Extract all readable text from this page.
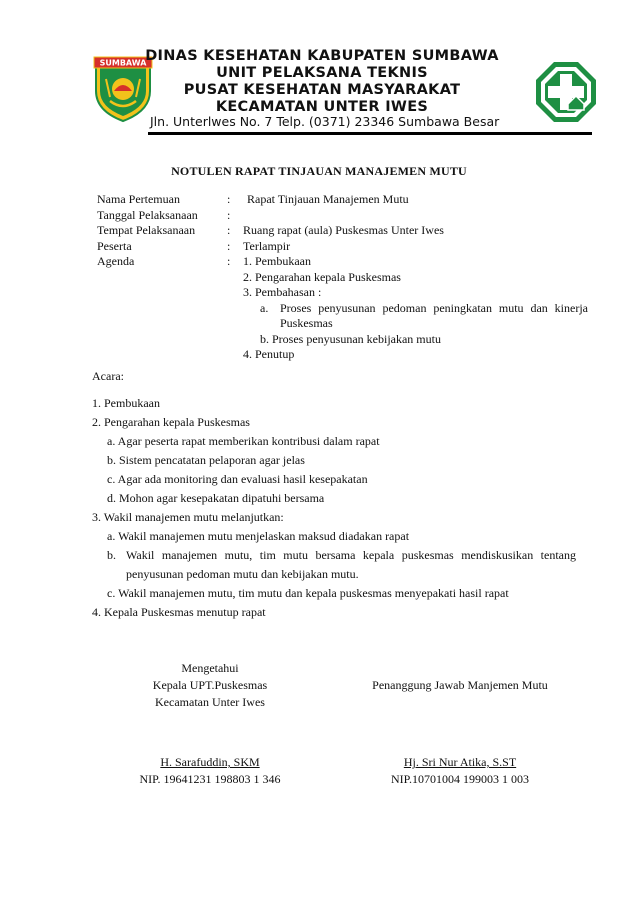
SUMBAWA
DINAS KESEHATAN KABUPATEN SUMBAWA
UNIT PELAKSANA TEKNIS
PUSAT KESEHATAN MASYARAKAT
KECAMATAN UNTER IWES
Jln. Unterlwes No. 7 Telp. (0371) 23346 Sumbawa Besar
NOTULEN RAPAT TINJAUAN MANAJEMEN MUTU
Nama Pertemuan	: Rapat Tinjauan Manajemen Mutu
Tanggal Pelaksanaan :
Tempat Pelaksanaan	: Ruang rapat (aula) Puskesmas Unter Iwes
Peserta	: Terlampir
Agenda	: 1. Pembukaan
2. Pengarahan kepala Puskesmas
3. Pembahasan :
a. Proses penyusunan pedoman peningkatan mutu dan kinerja
Puskesmas
b. Proses penyusunan kebijakan mutu
4. Penutup
Acara:
1. Pembukaan
2. Pengarahan kepala Puskesmas
a. Agar peserta rapat memberikan kontribusi dalam rapat
b. Sistem pencatatan pelaporan agar jelas
c. Agar ada monitoring dan evaluasi hasil kesepakatan
d. Mohon agar kesepakatan dipatuhi bersama
3. Wakil manajemen mutu melanjutkan:
a. Wakil manajemen mutu menjelaskan maksud diadakan rapat
b. Wakil manajemen mutu, tim mutu bersama kepala puskesmas mendiskusikan tentang
penyusunan pedoman mutu dan kebijakan mutu.
c. Wakil manajemen mutu, tim mutu dan kepala puskesmas menyepakati hasil rapat
4. Kepala Puskesmas menutup rapat
Mengetahui
Kepala UPT.Puskesmas
Kecamatan Unter Iwes
Penanggung Jawab Manjemen Mutu
H. Sarafuddin, SKM
NIP. 19641231 198803 1 346
Hj. Sri Nur Atika, S.ST
NIP.10701004 199003 1 003
